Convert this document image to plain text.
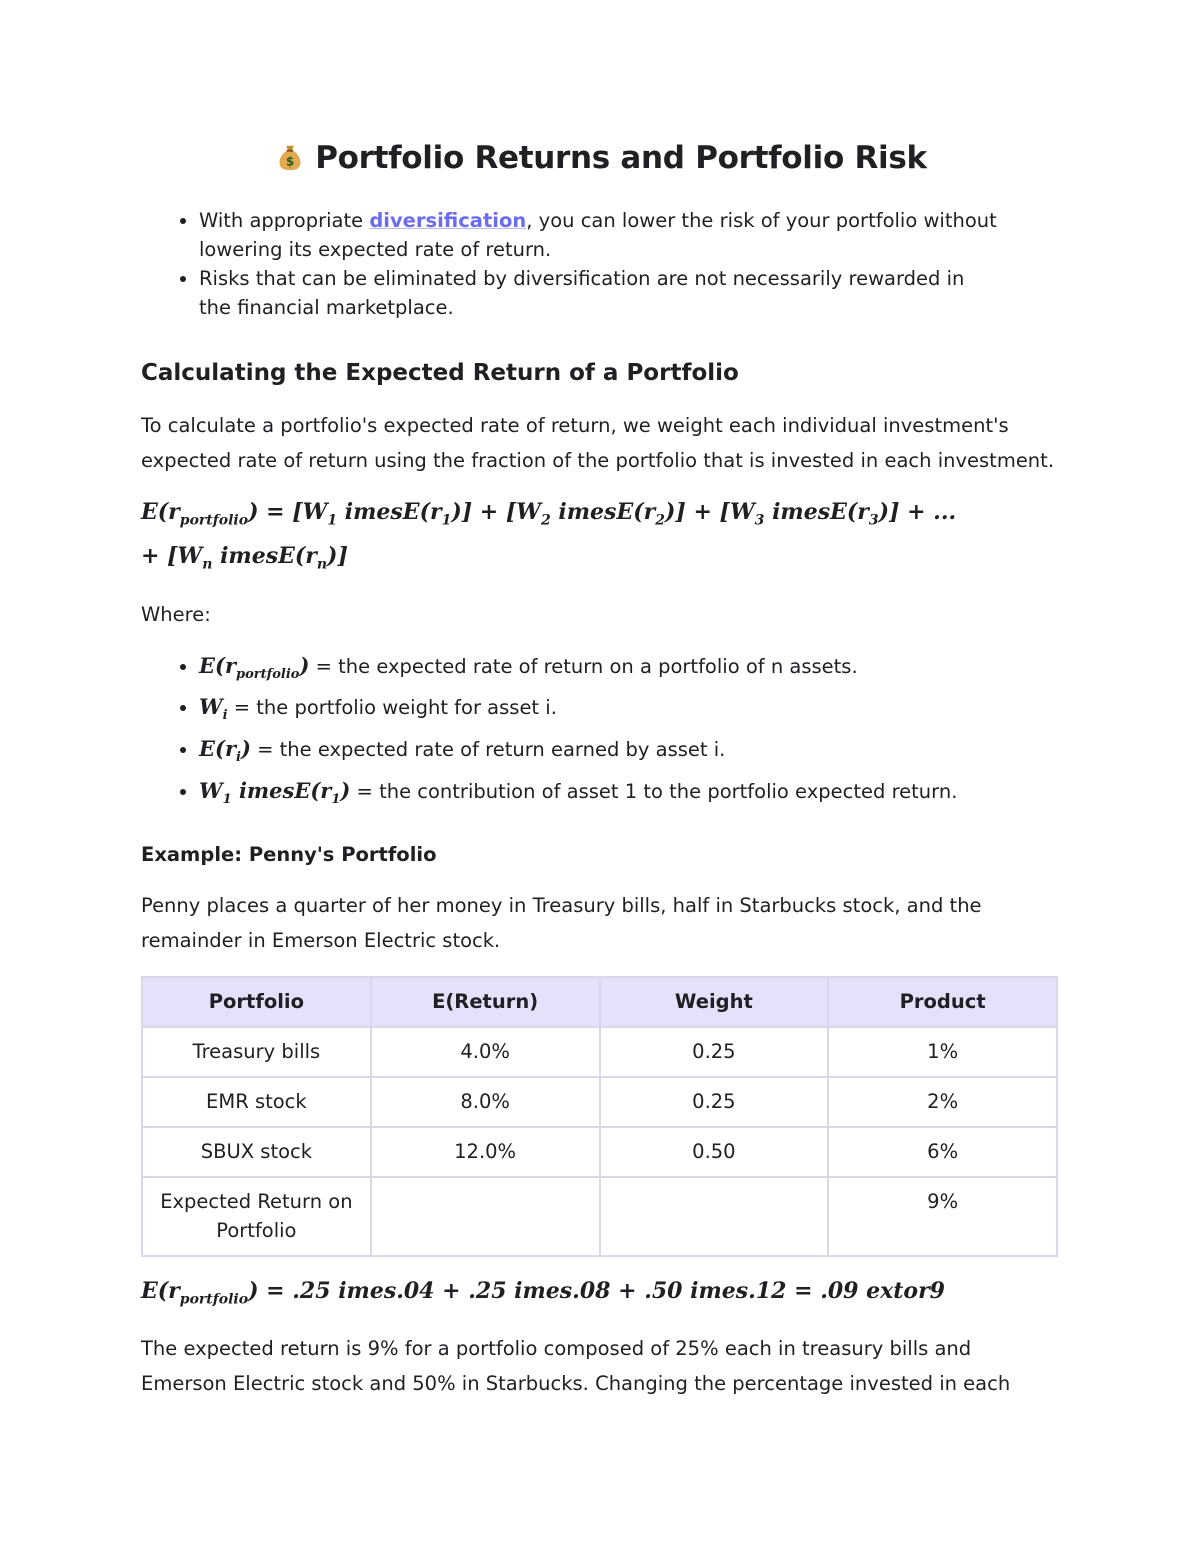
$ Portfolio Returns and Portfolio Risk
• With appropriate diversification, you can lower the risk of your portfolio without lowering its expected rate of return.
• Risks that can be eliminated by diversification are not necessarily rewarded in the financial marketplace.
Calculating the Expected Return of a Portfolio

To calculate a portfolio's expected rate of return, we weight each individual investment's expected rate of return using the fraction of the portfolio that is invested in each investment.

$E(r_{portfolio}) = [W_1$ $imesE(r_1)] + [W_2$ $imesE(r_2)] + [W_3$ $imesE(r_3)$] + ... + [$W_n$ $imesE(r_n)$]

Where:

• $E(r_{portfolio})$ = the expected rate of return on a portfolio of n assets.
• $W_i$ = the portfolio weight for asset i.
• $E(r_i)$ = the expected rate of return earned by asset i.
• $W_1$ $imesE(r_1)$ = the contribution of asset 1 to the portfolio expected return.
Example: Penny's Portfolio

Penny places a quarter of her money in Treasury bills, half in Starbucks stock, and the remainder in Emerson Electric stock.

Portfolio	E(Return)	Weight	Product
Treasury bills	4.0%	0.25	1%
EMR stock	8.0%	0.25	2%
SBUX stock	12.0%	0.50	6%
Expected Return on Portfolio			9%
$E(r_{portfolio}) = .25$ imes.04 + .25 imes.08 + .50 imes.12 = .09 extor9

The expected return is 9% for a portfolio composed of 25% each in treasury bills and Emerson Electric stock and 50% in Starbucks. Changing the percentage invested in each
